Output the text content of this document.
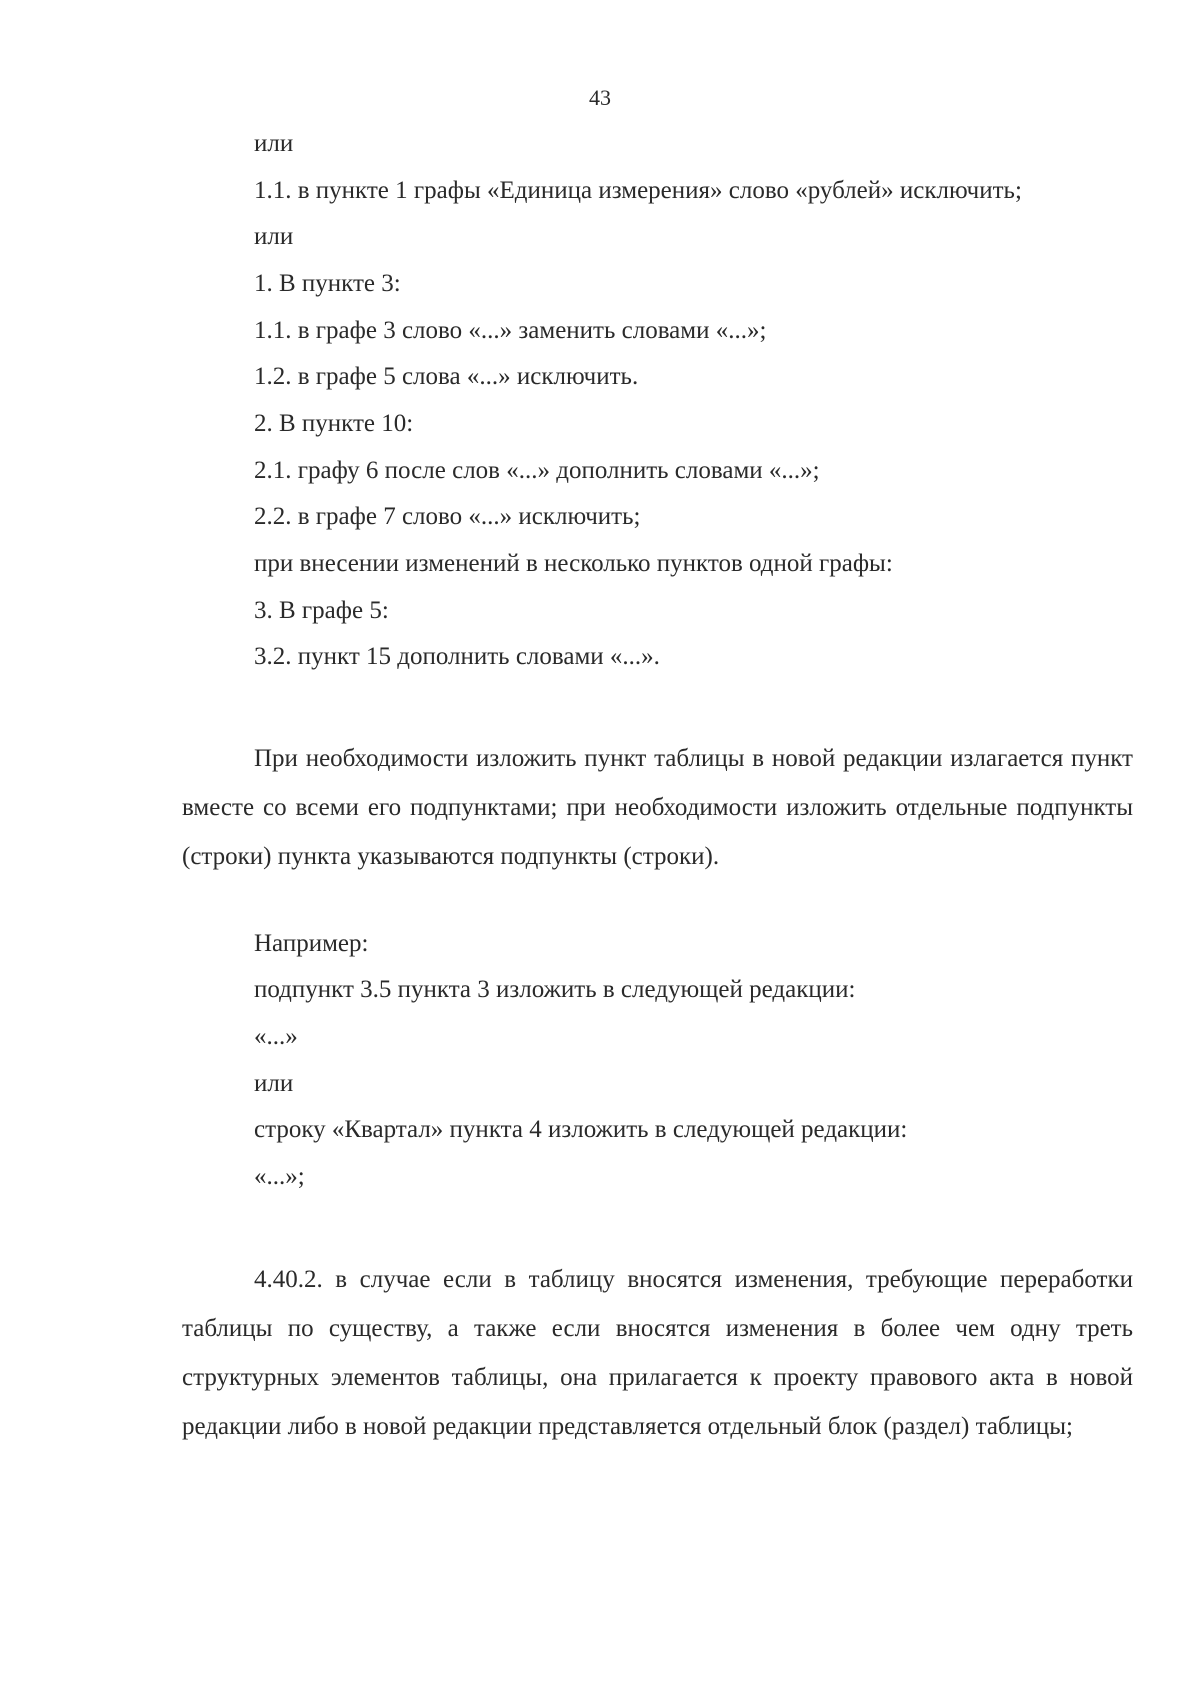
43
или
1.1. в пункте 1 графы «Единица измерения» слово «рублей» исключить;
или
1. В пункте 3:
1.1. в графе 3 слово «...» заменить словами «...»;
1.2. в графе 5 слова «...» исключить.
2. В пункте 10:
2.1. графу 6 после слов «...» дополнить словами «...»;
2.2. в графе 7 слово «...» исключить;
при внесении изменений в несколько пунктов одной графы:
3. В графе 5:
3.2. пункт 15 дополнить словами «...».
При необходимости изложить пункт таблицы в новой редакции излагается пункт вместе со всеми его подпунктами; при необходимости изложить отдельные подпункты (строки) пункта указываются подпункты (строки).
Например:
подпункт 3.5 пункта 3 изложить в следующей редакции:
«...»
или
строку «Квартал» пункта 4 изложить в следующей редакции:
«...»;
4.40.2. в случае если в таблицу вносятся изменения, требующие переработки таблицы по существу, а также если вносятся изменения в более чем одну треть структурных элементов таблицы, она прилагается к проекту правового акта в новой редакции либо в новой редакции представляется отдельный блок (раздел) таблицы;
